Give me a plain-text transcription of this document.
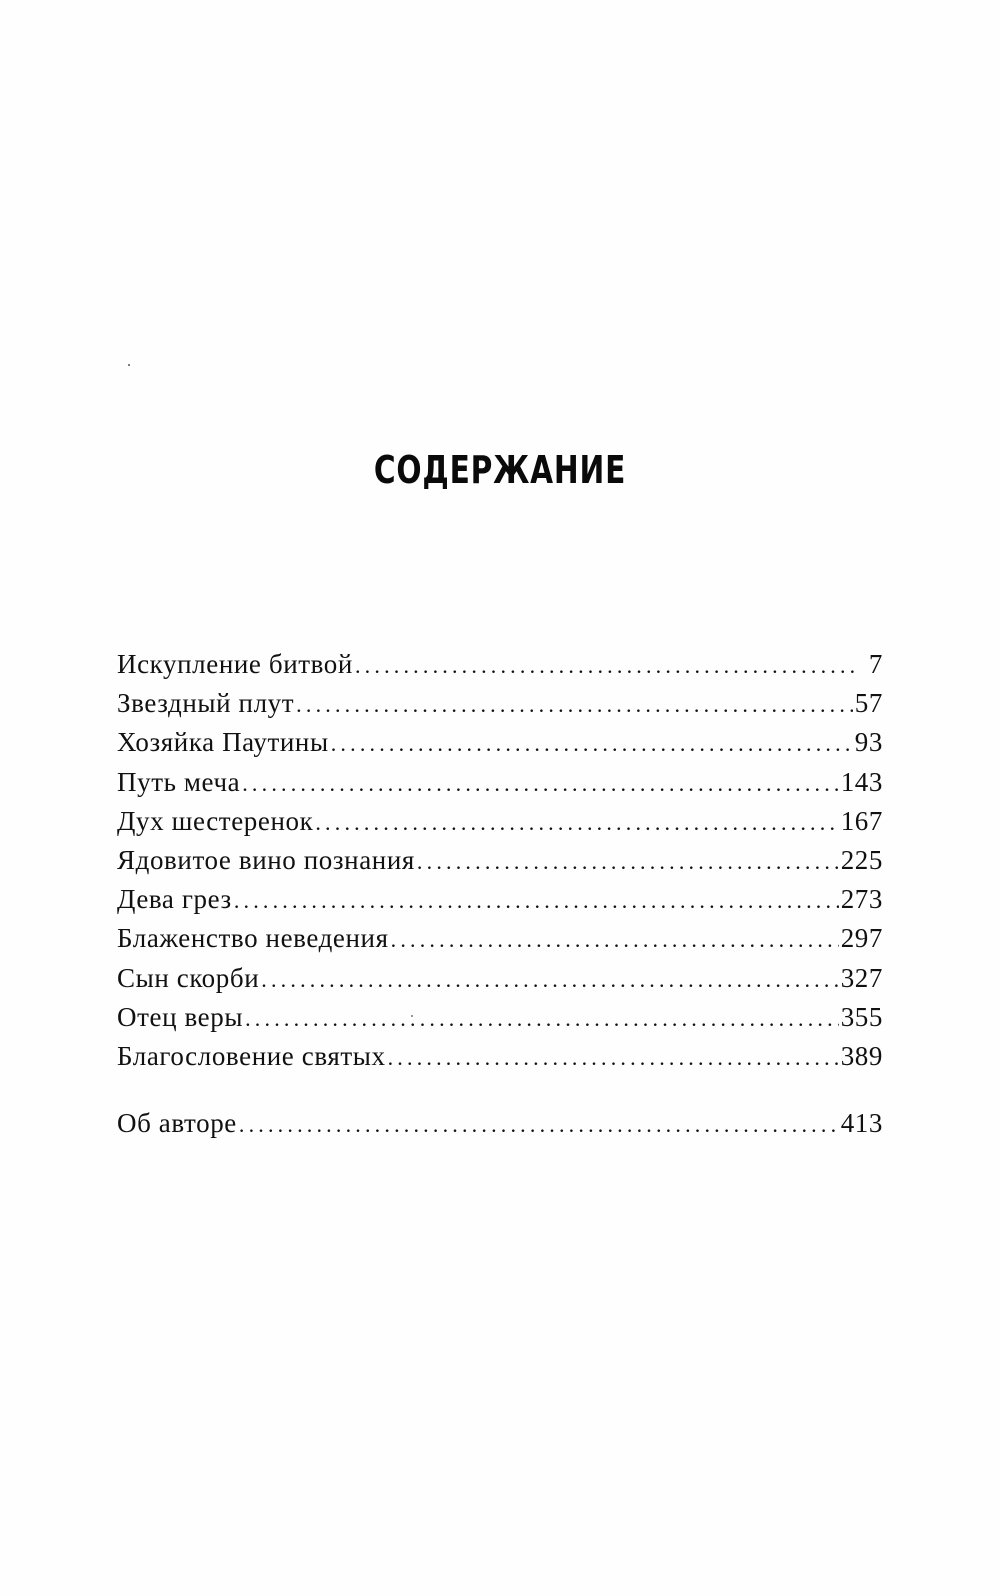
СОДЕРЖАНИЕ
Искупление битвой .....	7
Звездный плут .....	57
Хозяйка Паутины .....	93
Путь меча .....	143
Дух шестеренок .....	167
Ядовитое вино познания .....	225
Дева грез .....	273
Блаженство неведения .....	297
Сын скорби .....	327
Отец веры .....	355
Благословение святых .....	389
Об авторе .....	413
